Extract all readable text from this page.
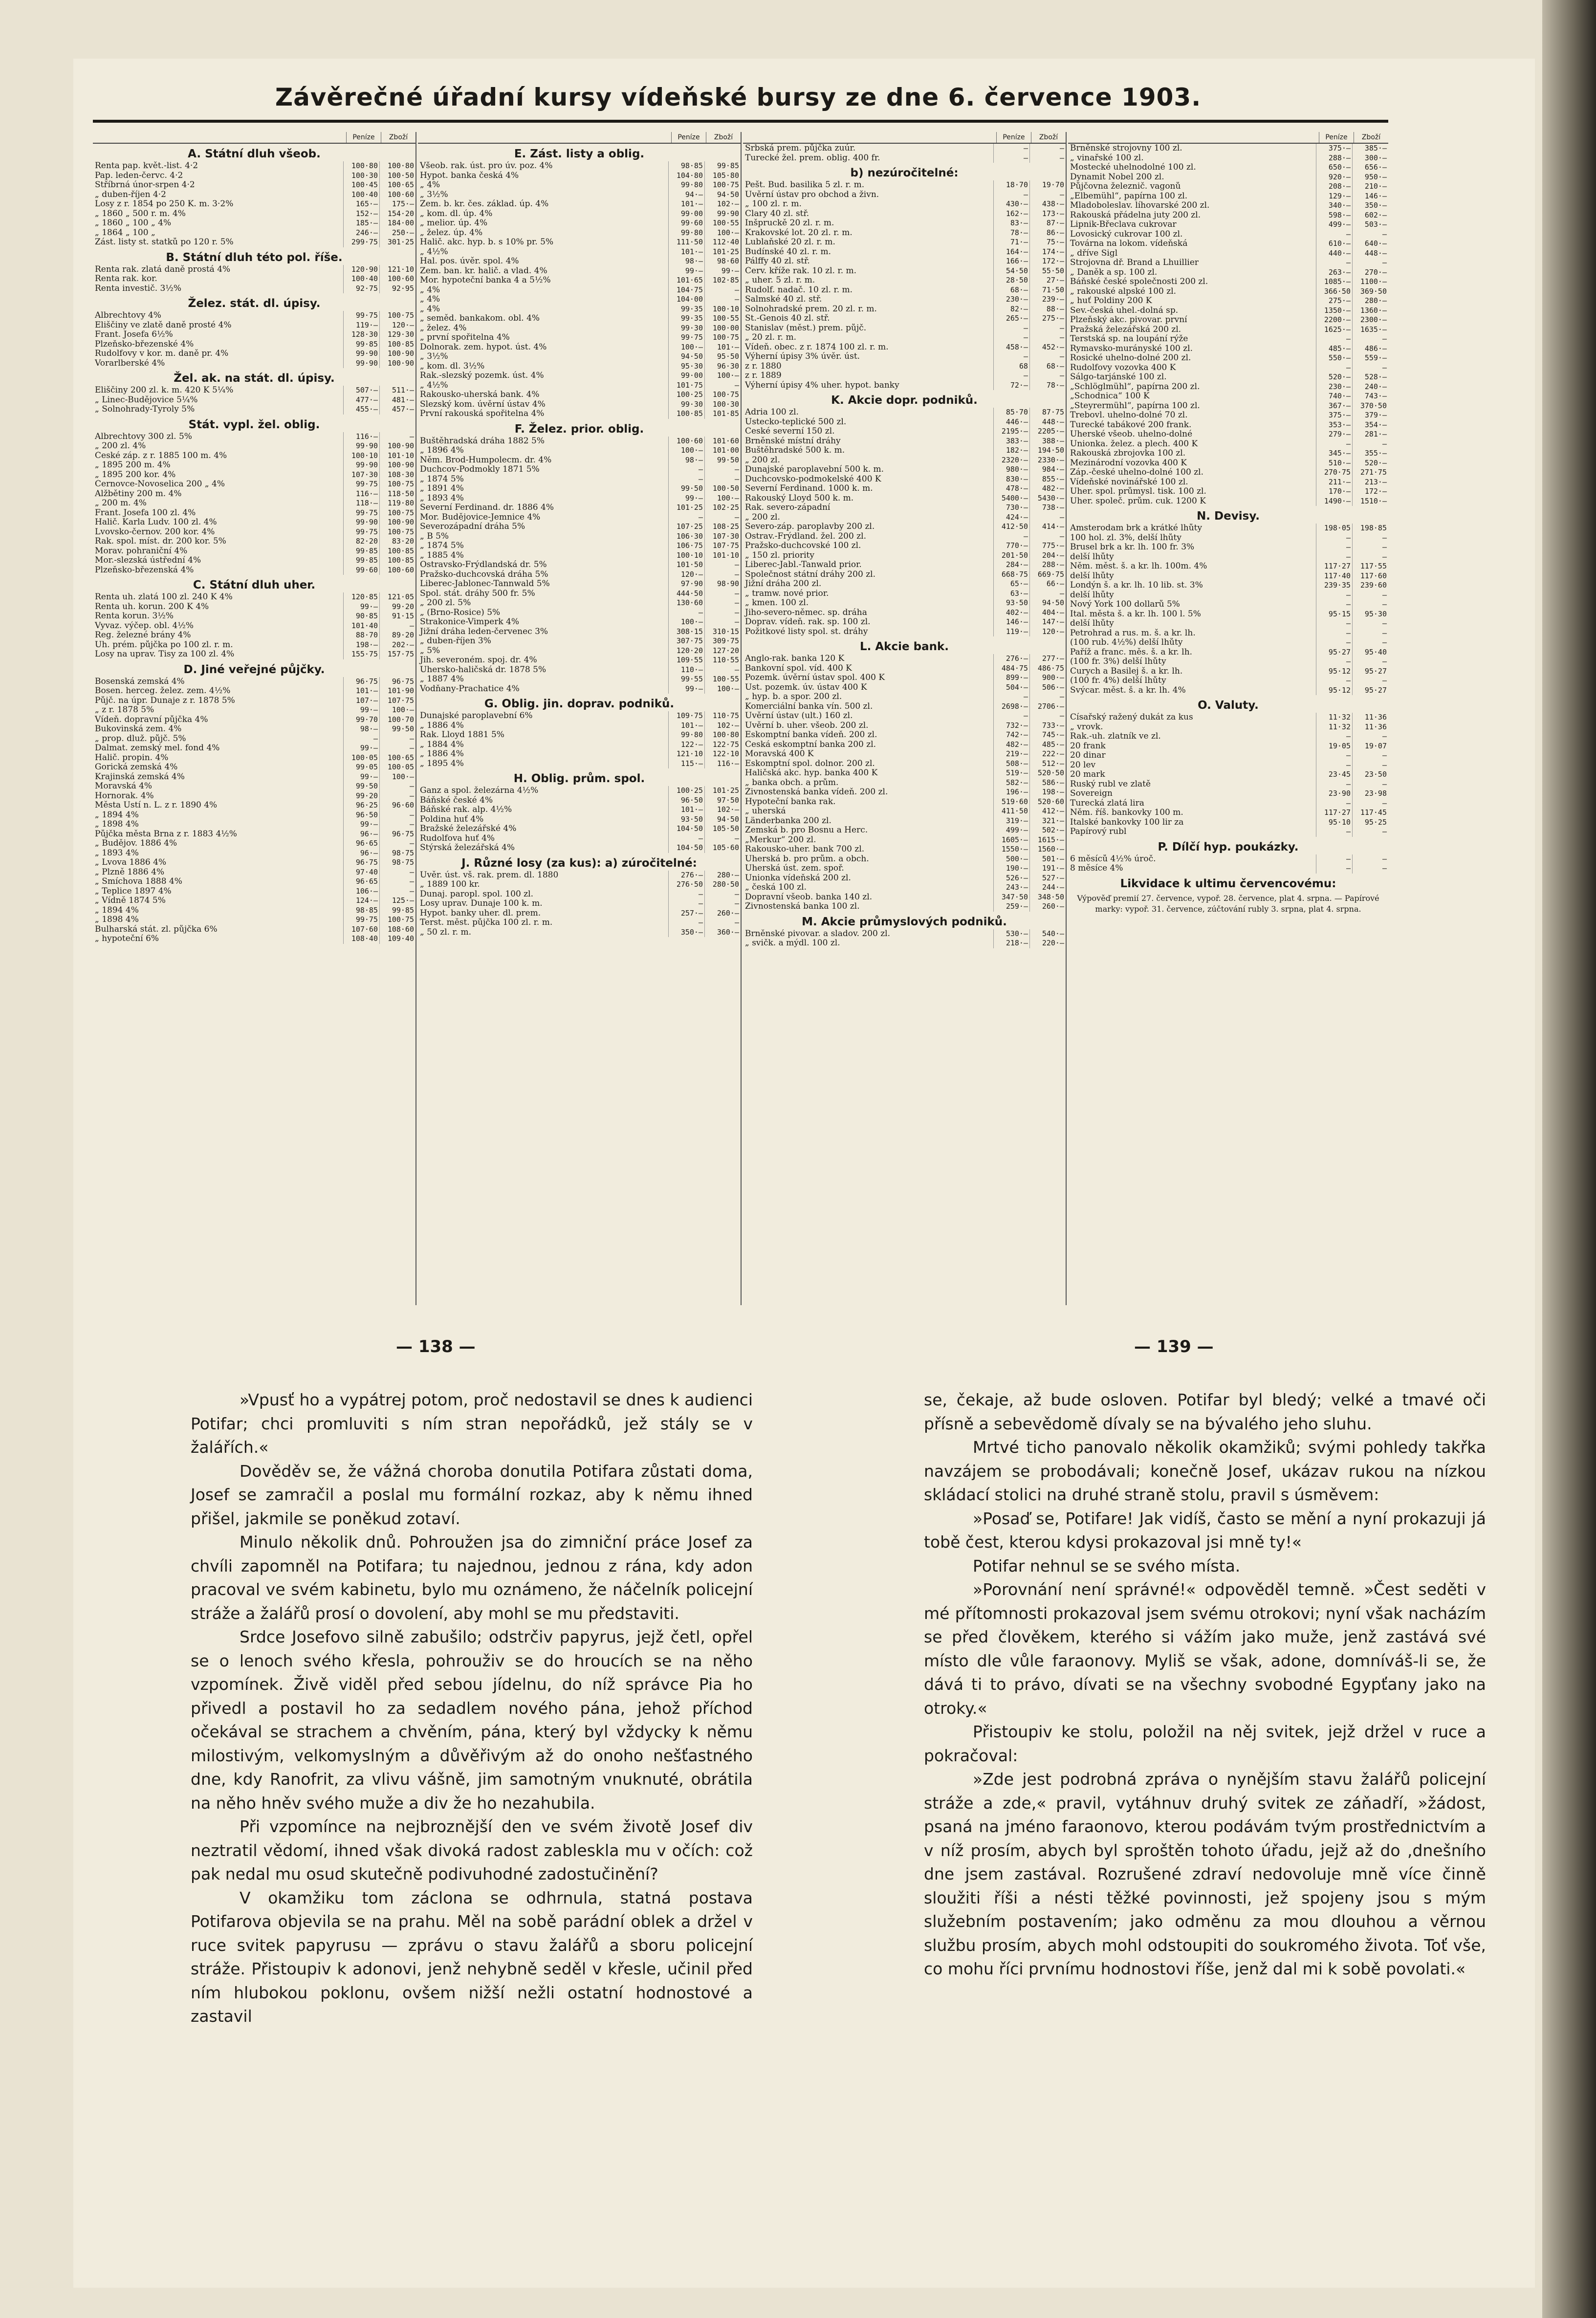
Závěrečné úřadní kursy vídeňské bursy ze dne 6. července 1903.
Peníze	Zboží
A. Státní dluh všeob.
Renta pap. květ.-list. 4·2	100·80	100·80
Pap. leden-červc. 4·2	100·30	100·50
Stříbrná únor-srpen 4·2	100·45	100·65
„ duben-říjen 4·2	100·40	100·60
Losy z r. 1854 po 250 K. m. 3·2%	165·—	175·—
„ 1860 „ 500 r. m. 4%	152·—	154·20
„ 1860 „ 100 „ 4%	185·—	184·00
„ 1864 „ 100 „	246·—	250·—
Zást. listy st. statků po 120 r. 5%	299·75	301·25
B. Státní dluh této pol. říše.
Renta rak. zlatá daně prostá 4%	120·90	121·10
Renta rak. kor.	100·40	100·60
Renta investič. 3½%	92·75	92·95
Želez. stát. dl. úpisy.
Albrechtovy 4%	99·75	100·75
Eliščiny ve zlatě daně prosté 4%	119·—	120·—
Frant. Josefa 6½%	128·30	129·30
Plzeňsko-březenské 4%	99·85	100·85
Rudolfovy v kor. m. daně pr. 4%	99·90	100·90
Vorarlberské 4%	99·90	100·90
Žel. ak. na stát. dl. úpisy.
Eliščiny 200 zl. k. m. 420 K 5¼%	507·—	511·—
„ Linec-Budějovice 5¼%	477·—	481·—
„ Solnohrady-Tyroly 5%	455·—	457·—
Stát. vypl. žel. oblig.
Albrechtovy 300 zl. 5%	116·—	—
„ 200 zl. 4%	99·90	100·90
České záp. z r. 1885 100 m. 4%	100·10	101·10
„ 1895 200 m. 4%	99·90	100·90
„ 1895 200 kor. 4%	107·30	108·30
Černovce-Novoselica 200 „ 4%	99·75	100·75
Alžbětiny 200 m. 4%	116·—	118·50
„ 200 m. 4%	118·—	119·80
Frant. Josefa 100 zl. 4%	99·75	100·75
Halič. Karla Ludv. 100 zl. 4%	99·90	100·90
Lvovsko-černov. 200 kor. 4%	99·75	100·75
Rak. spol. míst. dr. 200 kor. 5%	82·20	83·20
Morav. pohraniční 4%	99·85	100·85
Mor.-slezská ústřední 4%	99·85	100·85
Plzeňsko-březenská 4%	99·60	100·60
C. Státní dluh uher.
Renta uh. zlatá 100 zl. 240 K 4%	120·85	121·05
Renta uh. korun. 200 K 4%	99·—	99·20
Renta korun. 3½%	90·85	91·15
Vyvaz. výčep. obl. 4½%	101·40	—
Reg. železné brány 4%	88·70	89·20
Uh. prém. půjčka po 100 zl. r. m.	198·—	202·—
Losy na uprav. Tisy za 100 zl. 4%	155·75	157·75
D. Jiné veřejné půjčky.
Bosenská zemská 4%	96·75	96·75
Bosen. herceg. želez. zem. 4½%	101·—	101·90
Půjč. na úpr. Dunaje z r. 1878 5%	107·—	107·75
„ z r. 1878 5%	99·—	100·—
Vídeň. dopravní půjčka 4%	99·70	100·70
Bukovinská zem. 4%	98·—	99·50
„ prop. dluž. půjč. 5%	—	—
Dalmat. zemský mel. fond 4%	99·—	—
Halič. propin. 4%	100·05	100·65
Gorická zemská 4%	99·05	100·05
Krajinská zemská 4%	99·—	100·—
Moravská 4%	99·50	—
Hornorak. 4%	99·20	—
Města Ústí n. L. z r. 1890 4%	96·25	96·60
„ 1894 4%	96·50	—
„ 1898 4%	99·—	—
Půjčka města Brna z r. 1883 4½%	96·—	96·75
„ Budějov. 1886 4%	96·65	—
„ 1893 4%	96·—	98·75
„ Lvova 1886 4%	96·75	98·75
„ Plzně 1886 4%	97·40	—
„ Smíchova 1888 4%	96·65	—
„ Teplice 1897 4%	106·—	—
„ Vídně 1874 5%	124·—	125·—
„ 1894 4%	98·85	99·85
„ 1898 4%	99·75	100·75
Bulharská stát. zl. půjčka 6%	107·60	108·60
„ hypoteční 6%	108·40	109·40
Peníze	Zboží
E. Zást. listy a oblig.
Všeob. rak. úst. pro úv. poz. 4%	98·85	99·85
Hypot. banka česká 4%	104·80	105·80
„ 4%	99·80	100·75
„ 3½%	94·—	94·50
Zem. b. kr. čes. základ. úp. 4%	101·—	102·—
„ kom. dl. úp. 4%	99·00	99·90
„ melior. úp. 4%	99·60	100·55
„ želez. úp. 4%	99·80	100·—
Halič. akc. hyp. b. s 10% pr. 5%	111·50	112·40
„ 4½%	101·—	101·25
Hal. pos. úvěr. spol. 4%	98·—	98·60
Zem. ban. kr. halič. a vlad. 4%	99·—	99·—
Mor. hypoteční banka 4 a 5½%	101·65	102·85
„ 4%	104·75	—
„ 4%	104·00	—
„ 4%	99·35	100·10
„ seměd. bankakom. obl. 4%	99·35	100·55
„ želez. 4%	99·30	100·00
„ první spořitelna 4%	99·75	100·75
Dolnorak. zem. hypot. úst. 4%	100·—	101·—
„ 3½%	94·50	95·50
„ kom. dl. 3½%	95·30	96·30
Rak.-slezský pozemk. úst. 4%	99·00	100·—
„ 4½%	101·75	—
Rakousko-uherská bank. 4%	100·25	100·75
Slezský kom. úvěrní ústav 4%	99·30	100·30
První rakouská spořitelna 4%	100·85	101·85
F. Želez. prior. oblig.
Buštěhradská dráha 1882 5%	100·60	101·60
„ 1896 4%	100·—	101·00
Něm. Brod-Humpolecm. dr. 4%	98·—	99·50
Duchcov-Podmokly 1871 5%	—	—
„ 1874 5%	—	—
„ 1891 4%	99·50	100·50
„ 1893 4%	99·—	100·—
Severní Ferdinand. dr. 1886 4%	101·25	102·25
Mor. Budějovice-Jemnice 4%	—	—
Severozápadní dráha 5%	107·25	108·25
„ B 5%	106·30	107·30
„ 1874 5%	106·75	107·75
„ 1885 4%	100·10	101·10
Ostravsko-Frýdlandská dr. 5%	101·50	—
Pražsko-duchcovská dráha 5%	120·—	—
Liberec-Jablonec-Tannwald 5%	97·90	98·90
Spol. stát. dráhy 500 fr. 5%	444·50	—
„ 200 zl. 5%	130·60	—
„ (Brno-Rosice) 5%	—	—
Strakonice-Vimperk 4%	100·—	—
Jižní dráha leden-červenec 3%	308·15	310·15
„ duben-říjen 3%	307·75	309·75
„ 5%	120·20	127·20
Jih. severoném. spoj. dr. 4%	109·55	110·55
Uhersko-haličská dr. 1878 5%	110·—	—
„ 1887 4%	99·55	100·55
Vodňany-Prachatice 4%	99·—	100·—
G. Oblig. jin. doprav. podniků.
Dunajské paroplavební 6%	109·75	110·75
„ 1886 4%	101·—	102·—
Rak. Lloyd 1881 5%	99·80	100·80
„ 1884 4%	122·—	122·75
„ 1886 4%	121·10	122·10
„ 1895 4%	115·—	116·—
H. Oblig. prům. spol.
Ganz a spol. železárna 4½%	100·25	101·25
Báňské české 4%	96·50	97·50
Báňské rak. alp. 4½%	101·—	102·—
Poldina huť 4%	93·50	94·50
Bražské železářské 4%	104·50	105·50
Rudolfova huť 4%	—	—
Štýrská železářská 4%	104·50	105·60
J. Různé losy (za kus): a) zúročitelné:
Úvěr. úst. vš. rak. prem. dl. 1880	276·—	280·—
„ 1889 100 kr.	276·50	280·50
Dunaj. paropl. spol. 100 zl.	—	—
Losy uprav. Dunaje 100 k. m.	—	—
Hypot. banky uher. dl. prem.	257·—	260·—
Terst. měst. půjčka 100 zl. r. m.	—	—
„ 50 zl. r. m.	350·—	360·—
Peníze	Zboží
Srbská prem. půjčka zuúr.	—	—
Turecké žel. prem. oblig. 400 fr.	—	—
b) nezúročitelné:
Pešt. Bud. basilika 5 zl. r. m.	18·70	19·70
Úvěrní ústav pro obchod a živn.	—	—
„ 100 zl. r. m.	430·—	438·—
Clary 40 zl. stř.	162·—	173·—
Inšpruckě 20 zl. r. m.	83·—	87·—
Krakovské lot. 20 zl. r. m.	78·—	86·—
Lublaňské 20 zl. r. m.	71·—	75·—
Budínské 40 zl. r. m.	164·—	174·—
Pálffy 40 zl. stř.	166·—	172·—
Červ. kříže rak. 10 zl. r. m.	54·50	55·50
„ uher. 5 zl. r. m.	28·50	27·—
Rudolf. nadač. 10 zl. r. m.	68·—	71·50
Salmské 40 zl. stř.	230·—	239·—
Solnohradské prem. 20 zl. r. m.	82·—	88·—
St.-Genois 40 zl. stř.	265·—	275·—
Stanislav (měst.) prem. půjč.	—	—
„ 20 zl. r. m.	—	—
Vídeň. obec. z r. 1874 100 zl. r. m.	458·—	452·—
Výherní úpisy 3% úvěr. úst.	—	—
z r. 1880	68	68·—
z r. 1889	—	—
Výherní úpisy 4% uher. hypot. banky	72·—	78·—
K. Akcie dopr. podniků.
Adria 100 zl.	85·70	87·75
Ústecko-teplické 500 zl.	446·—	448·—
České severní 150 zl.	2195·—	2205·—
Brněnské místní dráhy	383·—	388·—
Buštěhradské 500 k. m.	182·—	194·50
„ 200 zl.	2320·—	2330·—
Dunajské paroplavební 500 k. m.	980·—	984·—
Duchcovsko-podmokelské 400 K	830·—	855·—
Severní Ferdinand. 1000 k. m.	478·—	482·—
Rakouský Lloyd 500 k. m.	5400·—	5430·—
Rak. severo-západní	730·—	738·—
„ 200 zl.	424·—	—
Severo-záp. paroplavby 200 zl.	412·50	414·—
Ostrav.-Frýdland. žel. 200 zl.	—	—
Pražsko-duchcovské 100 zl.	770·—	775·—
„ 150 zl. priority	201·50	204·—
Liberec-Jabl.-Tanwald prior.	284·—	288·—
Společnost státní dráhy 200 zl.	668·75	669·75
Jižní dráha 200 zl.	65·—	66·—
„ tramw. nové prior.	63·—	—
„ kmen. 100 zl.	93·50	94·50
Jiho-severo-němec. sp. dráha	402·—	404·—
Doprav. vídeň. rak. sp. 100 zl.	146·—	147·—
Požitkové listy spol. st. dráhy	119·—	120·—
L. Akcie bank.
Anglo-rak. banka 120 K	276·—	277·—
Bankovní spol. víd. 400 K	484·75	486·75
Pozemk. úvěrní ústav spol. 400 K	899·—	900·—
Úst. pozemk. úv. ústav 400 K	504·—	506·—
„ hyp. b. a spor. 200 zl.	—	—
Komerciální banka vín. 500 zl.	2698·—	2706·—
Úvěrní ústav (ult.) 160 zl.	—	—
Úvěrní b. uher. všeob. 200 zl.	732·—	733·—
Eskomptní banka vídeň. 200 zl.	742·—	745·—
Česká eskomptní banka 200 zl.	482·—	485·—
Moravská 400 K	219·—	222·—
Eskomptní spol. dolnor. 200 zl.	508·—	512·—
Haličská akc. hyp. banka 400 K	519·—	520·50
„ banka obch. a prům.	582·—	586·—
Živnostenská banka vídeň. 200 zl.	196·—	198·—
Hypoteční banka rak.	519·60	520·60
„ uherská	411·50	412·—
Länderbanka 200 zl.	319·—	321·—
Zemská b. pro Bosnu a Herc.	499·—	502·—
„Merkur“ 200 zl.	1605·—	1615·—
Rakousko-uher. bank 700 zl.	1550·—	1560·—
Uherská b. pro prům. a obch.	500·—	501·—
Uherská úst. zem. spoř.	190·—	191·—
Unionka vídeňská 200 zl.	526·—	527·—
„ česká 100 zl.	243·—	244·—
Dopravní všeob. banka 140 zl.	347·50	348·50
Živnostenská banka 100 zl.	259·—	260·—
M. Akcie průmyslových podniků.
Brněnské pivovar. a sladov. 200 zl.	530·—	540·—
„ svičk. a mýdl. 100 zl.	218·—	220·—
Peníze	Zboží
Brněnské strojovny 100 zl.	375·—	385·—
„ vinařské 100 zl.	288·—	300·—
Mostecké uhelnodolné 100 zl.	650·—	656·—
Dynamit Nobel 200 zl.	920·—	950·—
Půjčovna železnič. vagonů	208·—	210·—
„Elbemühl“, papírna 100 zl.	129·—	146·—
Mladoboleslav. líhovarské 200 zl.	340·—	350·—
Rakouská přádelna juty 200 zl.	598·—	602·—
Lipnik-Břeclava cukrovar	499·—	503·—
Lovosický cukrovar 100 zl.	—	—
Továrna na lokom. vídeňská	610·—	640·—
„ dříve Sigl	440·—	448·—
Strojovna dř. Brand a Lhuillier	—	—
„ Daněk a sp. 100 zl.	263·—	270·—
Báňské české společnosti 200 zl.	1085·—	1100·—
„ rakouské alpské 100 zl.	366·50	369·50
„ huť Poldiny 200 K	275·—	280·—
Sev.-česká uhel.-dolná sp.	1350·—	1360·—
Plzeňský akc. pivovar. první	2200·—	2300·—
Pražská železářská 200 zl.	1625·—	1635·—
Terstská sp. na loupání rýže	—	—
Rymavsko-murányské 100 zl.	485·—	486·—
Rosické uhelno-dolné 200 zl.	550·—	559·—
Rudolfovy vozovka 400 K	—	—
Šálgo-tarjánské 100 zl.	520·—	528·—
„Schlöglmühl“, papírna 200 zl.	230·—	240·—
„Schodnica“ 100 K	740·—	743·—
„Steyrermühl“, papírna 100 zl.	367·—	370·50
Trebovl. uhelno-dolné 70 zl.	375·—	379·—
Turecké tabákové 200 frank.	353·—	354·—
Uherské všeob. uhelno-dolné	279·—	281·—
Unionka. želez. a plech. 400 K	—	—
Rakouská zbrojovka 100 zl.	345·—	355·—
Mezinárodní vozovka 400 K	510·—	520·—
Záp.-české uhelno-dolné 100 zl.	270·75	271·75
Vídeňské novinářské 100 zl.	211·—	213·—
Uher. spol. průmysl. tisk. 100 zl.	170·—	172·—
Uher. společ. prům. cuk. 1200 K	1490·—	1510·—
N. Devisy.
Amsterodam brk a krátké lhůty	198·05	198·85
100 hol. zl. 3%, delší lhůty	—	—
Brusel brk a kr. lh. 100 fr. 3%	—	—
delší lhůty	—	—
Něm. měst. š. a kr. lh. 100m. 4%	117·27	117·55
delší lhůty	117·40	117·60
Londýn š. a kr. lh. 10 lib. st. 3%	239·35	239·60
delší lhůty	—	—
Nový York 100 dollarů 5%	—	—
Ital. města š. a kr. lh. 100 l. 5%	95·15	95·30
delší lhůty	—	—
Petrohrad a rus. m. š. a kr. lh.	—	—
(100 rub. 4½%) delší lhůty	—	—
Paříž a franc. měs. š. a kr. lh.	95·27	95·40
(100 fr. 3%) delší lhůty	—	—
Curych a Basilej š. a kr. lh.	95·12	95·27
(100 fr. 4%) delší lhůty	—	—
Švýcar. měst. š. a kr. lh. 4%	95·12	95·27
O. Valuty.
Císařský ražený dukát za kus	11·32	11·36
„ vrovk.	11·32	11·36
Rak.-uh. zlatník ve zl.	—	—
20 frank	19·05	19·07
20 dinar	—	—
20 lev	—	—
20 mark	23·45	23·50
Ruský rubl ve zlatě	—	—
Sovereign	23·90	23·98
Turecká zlatá lira	—	—
Něm. říš. bankovky 100 m.	117·27	117·45
Italské bankovky 100 lir za	95·10	95·25
Papírový rubl	—	—
P. Dílčí hyp. poukázky.
6 měsíců 4½% úroč.	—	—
8 měsíce 4%	—	—
Likvidace k ultimu červencovému:
Výpověď premií 27. července, vypoř. 28. července, plat 4. srpna. — Papírové marky: vypoř. 31. července, zúčtování rubly 3. srpna, plat 4. srpna.
— 138 —	— 139 —

»Vpusť ho a vypátrej potom, proč nedostavil se dnes k audienci Potifar; chci promluviti s ním stran nepořádků, jež stály se v žalářích.«

Dověděv se, že vážná choroba donutila Potifara zůstati doma, Josef se zamračil a poslal mu formální rozkaz, aby k němu ihned přišel, jakmile se poněkud zotaví.

Minulo několik dnů. Pohroužen jsa do zimniční práce Josef za chvíli zapomněl na Potifara; tu najednou, jednou z rána, kdy adon pracoval ve svém kabinetu, bylo mu oznámeno, že náčelník policejní stráže a žalářů prosí o dovolení, aby mohl se mu představiti.

Srdce Josefovo silně zabušilo; odstrčiv papyrus, jejž četl, opřel se o lenoch svého křesla, pohrouživ se do hroucích se na něho vzpomínek. Živě viděl před sebou jídelnu, do níž správce Pia ho přivedl a postavil ho za sedadlem nového pána, jehož příchod očekával se strachem a chvěním, pána, který byl vždycky k němu milostivým, velkomyslným a důvěřivým až do onoho nešťastného dne, kdy Ranofrit, za vlivu vášně, jim samotným vnuknuté, obrátila na něho hněv svého muže a div že ho nezahubila.

Při vzpomínce na nejbroznější den ve svém životě Josef div neztratil vědomí, ihned však divoká radost zablesklа mu v očích: což pak nedal mu osud skutečně podivuhodné zadostučinění?

V okamžiku tom záclona se odhrnula, statná postava Potifarova objevila se na prahu. Měl na sobě parádní oblek a držel v ruce svitek papyrusu — zprávu o stavu žalářů a sboru policejní stráže. Přistoupiv k adonovi, jenž nehybně seděl v křesle, učinil před ním hlubokou poklonu, ovšem nižší nežli ostatní hodnostové a zastavil

se, čekaje, až bude osloven. Potifar byl bledý; velké a tmavé oči přísně a sebevědomě dívaly se na bývalého jeho sluhu.

Mrtvé ticho panovalo několik okamžiků; svými pohledy takřka navzájem se probodávali; konečně Josef, ukázav rukou na nízkou skládací stolici na druhé straně stolu, pravil s úsměvem:

»Posaď se, Potifare! Jak vidíš, často se mění a nyní prokazuji já tobě čest, kterou kdysi prokazoval jsi mně ty!«

Potifar nehnul se se svého místa.

»Porovnání není správné!« odpověděl temně. »Čest seděti v mé přítomnosti prokazoval jsem svému otrokovi; nyní však nacházím se před člověkem, kterého si vážím jako muže, jenž zastává své místo dle vůle faraonovy. Myliš se však, adone, domníváš-li se, že dává ti to právo, dívati se na všechny svobodné Egypťany jako na otroky.«

Přistoupiv ke stolu, položil na něj svitek, jejž držel v ruce a pokračoval:

»Zde jest podrobná zpráva o nynějším stavu žalářů policejní stráže a zde,« pravil, vytáhnuv druhý svitek ze záňadří, »žádost, psaná na jméno faraonovo, kterou podávám tvým prostřednictvím a v níž prosím, abych byl sproštěn tohoto úřadu, jejž až do ,dnešního dne jsem zastával. Rozrušené zdraví nedovoluje mně více činně sloužiti říši a nésti těžké povinnosti, jež spojeny jsou s mým služebním postavením; jako odměnu za mou dlouhou a věrnou službu prosím, abych mohl odstoupiti do soukromého života. Toť vše, co mohu říci prvnímu hodnostovi říše, jenž dal mi k sobě povolati.«
